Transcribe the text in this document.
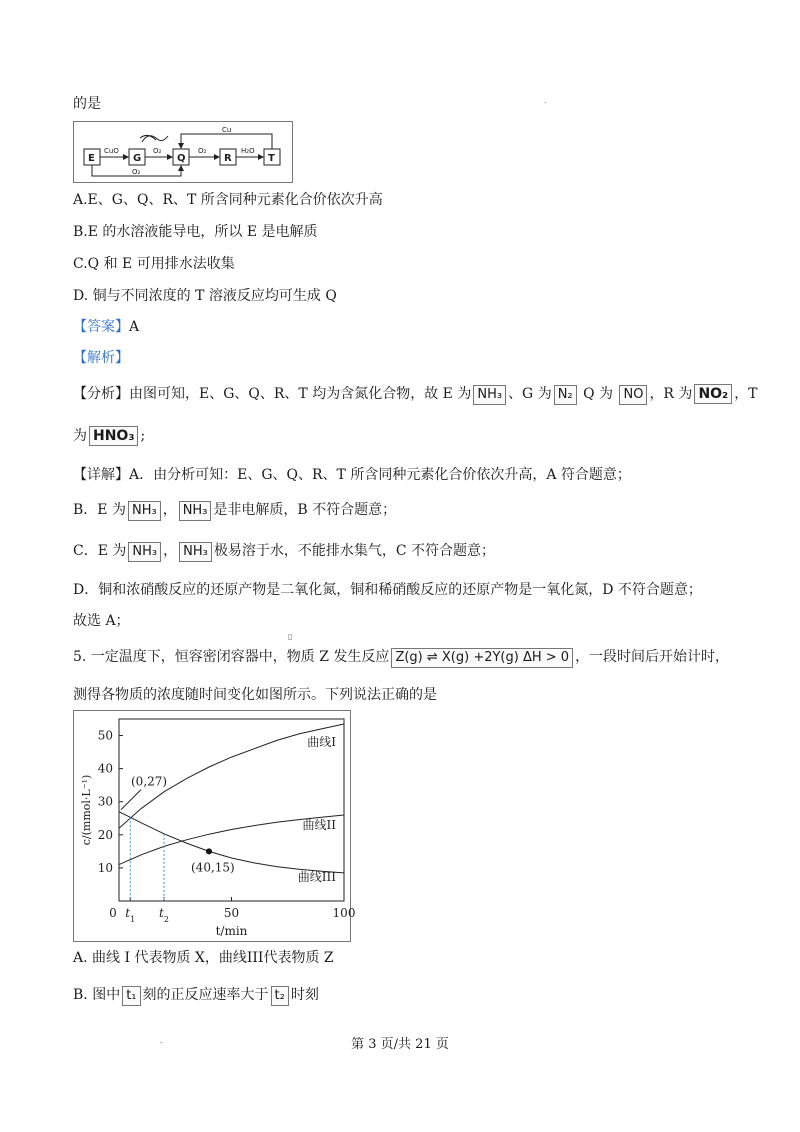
的是	.
E	G	Q	R	T
CuO	O₂	O₂	H₂O
O₂
Cu
A.E、G、Q、R、T 所含同种元素化合价依次升高
B.E 的水溶液能导电，所以 E 是电解质
C.Q 和 E 可用排水法收集
D. 铜与不同浓度的 T 溶液反应均可生成 Q
【答案】A
【解析】
【分析】由图可知，E、G、Q、R、T 均为含氮化合物，故 E 为 NH₃ 、G 为 N₂ Q 为 NO ，R 为 NO₂ ，T
为 HNO₃ ;
【详解】A．由分析可知：E、G、Q、R、T 所含同种元素化合价依次升高，A 符合题意；
B．E 为 NH₃ ， NH₃ 是非电解质，B 不符合题意；
C．E 为 NH₃ ， NH₃ 极易溶于水，不能排水集气，C 不符合题意；
D．铜和浓硝酸反应的还原产物是二氧化氮，铜和稀硝酸反应的还原产物是一氧化氮，D 不符合题意；
故选 A；
▯
5. 一定温度下，恒容密闭容器中，物质 Z 发生反应 Z(g) ⇌ X(g) +2Y(g) ΔH > 0 ，一段时间后开始计时，
测得各物质的浓度随时间变化如图所示。下列说法正确的是
10
20
30
40
50
0 $t_1$ $t_2$	50	100
t/min
c/(mmol·L⁻¹)
曲线I
曲线II
曲线III
(0,27)
(40,15)
A. 曲线 I 代表物质 X，曲线III代表物质 Z
B. 图中 t₁ 刻的正反应速率大于 t₂ 时刻
.	第 3 页/共 21 页
